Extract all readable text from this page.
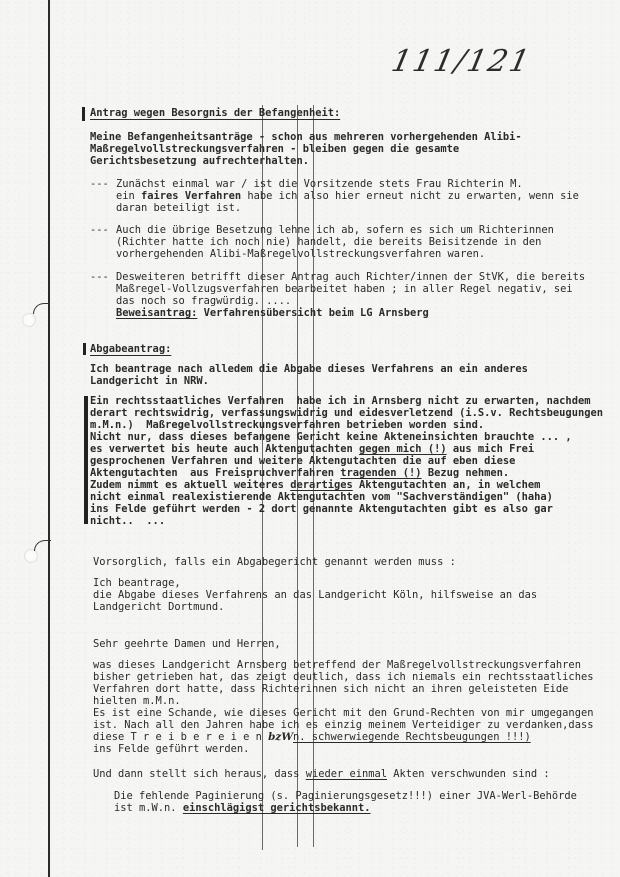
111/121
Antrag wegen Besorgnis der Befangenheit:
Meine Befangenheitsanträge - schon aus mehreren vorhergehenden Alibi-
Maßregelvollstreckungsverfahren - bleiben gegen die gesamte
Gerichtsbesetzung aufrechterhalten.
--- Zunächst einmal war / ist die Vorsitzende stets Frau Richterin M.
ein faires Verfahren habe ich also hier erneut nicht zu erwarten, wenn sie
daran beteiligt ist.
--- Auch die übrige Besetzung lehne ich ab, sofern es sich um Richterinnen
(Richter hatte ich noch nie) handelt, die bereits Beisitzende in den
vorhergehenden Alibi-Maßregelvollstreckungsverfahren waren.
--- Desweiteren betrifft dieser Antrag auch Richter/innen der StVK, die bereits
Maßregel-Vollzugsverfahren bearbeitet haben ; in aller Regel negativ, sei
das noch so fragwürdig. ....
Beweisantrag: Verfahrensübersicht beim LG Arnsberg
Abgabeantrag:
Ich beantrage nach alledem die Abgabe dieses Verfahrens an ein anderes
Landgericht in NRW.
Ein rechtsstaatliches Verfahren  habe ich in Arnsberg nicht zu erwarten, nachdem
derart rechtswidrig, verfassungswidrig und eidesverletzend (i.S.v. Rechtsbeugungen
m.M.n.)  Maßregelvollstreckungsverfahren betrieben worden sind.
Nicht nur, dass dieses befangene Gericht keine Akteneinsichten brauchte ... ,
es verwertet bis heute auch Aktengutachten gegen mich (!) aus mich Frei
gesprochenen Verfahren und weitere Aktengutachten die auf eben diese
Aktengutachten  aus Freispruchverfahren tragenden (!) Bezug nehmen.
Zudem nimmt es aktuell weiteres derartiges Aktengutachten an, in welchem
nicht einmal realexistierende Aktengutachten vom "Sachverständigen" (haha)
ins Felde geführt werden - 2 dort genannte Aktengutachten gibt es also gar
nicht..  ...
Vorsorglich, falls ein Abgabegericht genannt werden muss :
Ich beantrage,
die Abgabe dieses Verfahrens an das Landgericht Köln, hilfsweise an das
Landgericht Dortmund.
Sehr geehrte Damen und Herren,
was dieses Landgericht Arnsberg betreffend der Maßregelvollstreckungsverfahren
bisher getrieben hat, das zeigt deutlich, dass ich niemals ein rechtsstaatliches
Verfahren dort hatte, dass Richterinnen sich nicht an ihren geleisteten Eide
hielten m.M.n.
Es ist eine Schande, wie dieses Gericht mit den Grund-Rechten von mir umgegangen
ist. Nach all den Jahren habe ich es einzig meinem Verteidiger zu verdanken,dass
diese T r e i b e r e i e n bzWn. schwerwiegende Rechtsbeugungen !!!)
ins Felde geführt werden.
Und dann stellt sich heraus, dass wieder einmal Akten verschwunden sind :
Die fehlende Paginierung (s. Paginierungsgesetz!!!) einer JVA-Werl-Behörde
ist m.W.n. einschlägigst gerichtsbekannt.
